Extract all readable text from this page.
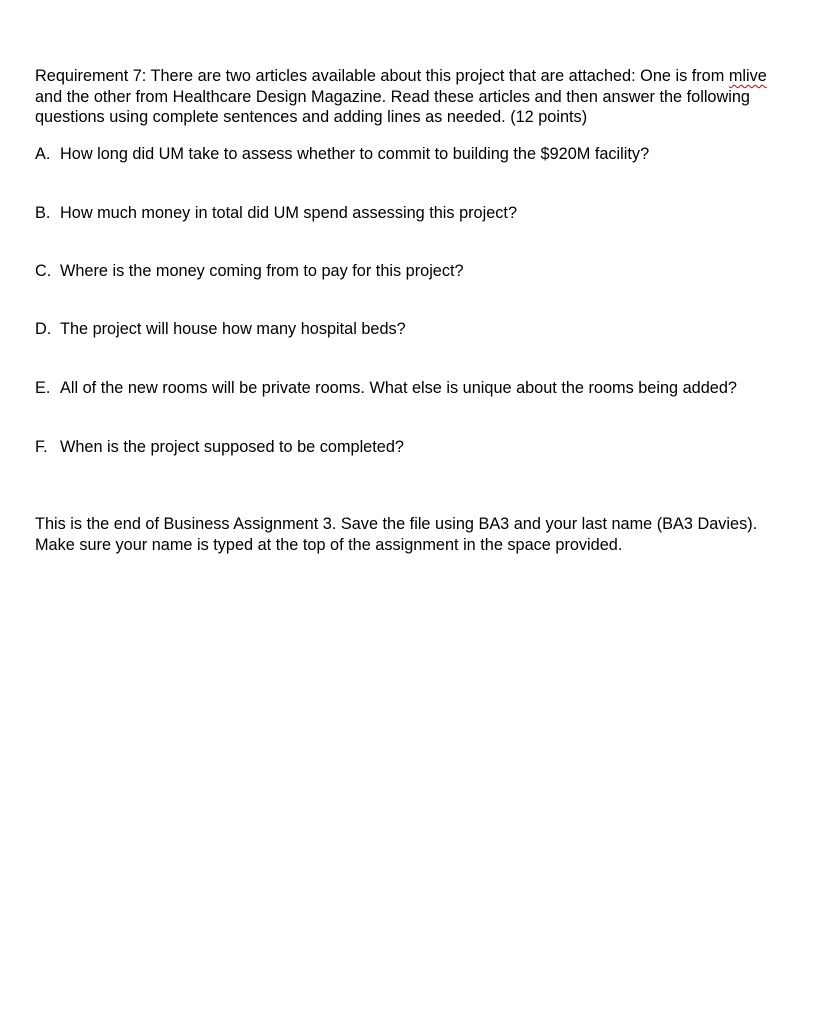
Requirement 7: There are two articles available about this project that are attached: One is from mlive
and the other from Healthcare Design Magazine. Read these articles and then answer the following
questions using complete sentences and adding lines as needed. (12 points)

A. How long did UM take to assess whether to commit to building the $920M facility?

B. How much money in total did UM spend assessing this project?

C. Where is the money coming from to pay for this project?

D. The project will house how many hospital beds?

E. All of the new rooms will be private rooms. What else is unique about the rooms being added?

F. When is the project supposed to be completed?

This is the end of Business Assignment 3. Save the file using BA3 and your last name (BA3 Davies).
Make sure your name is typed at the top of the assignment in the space provided.
